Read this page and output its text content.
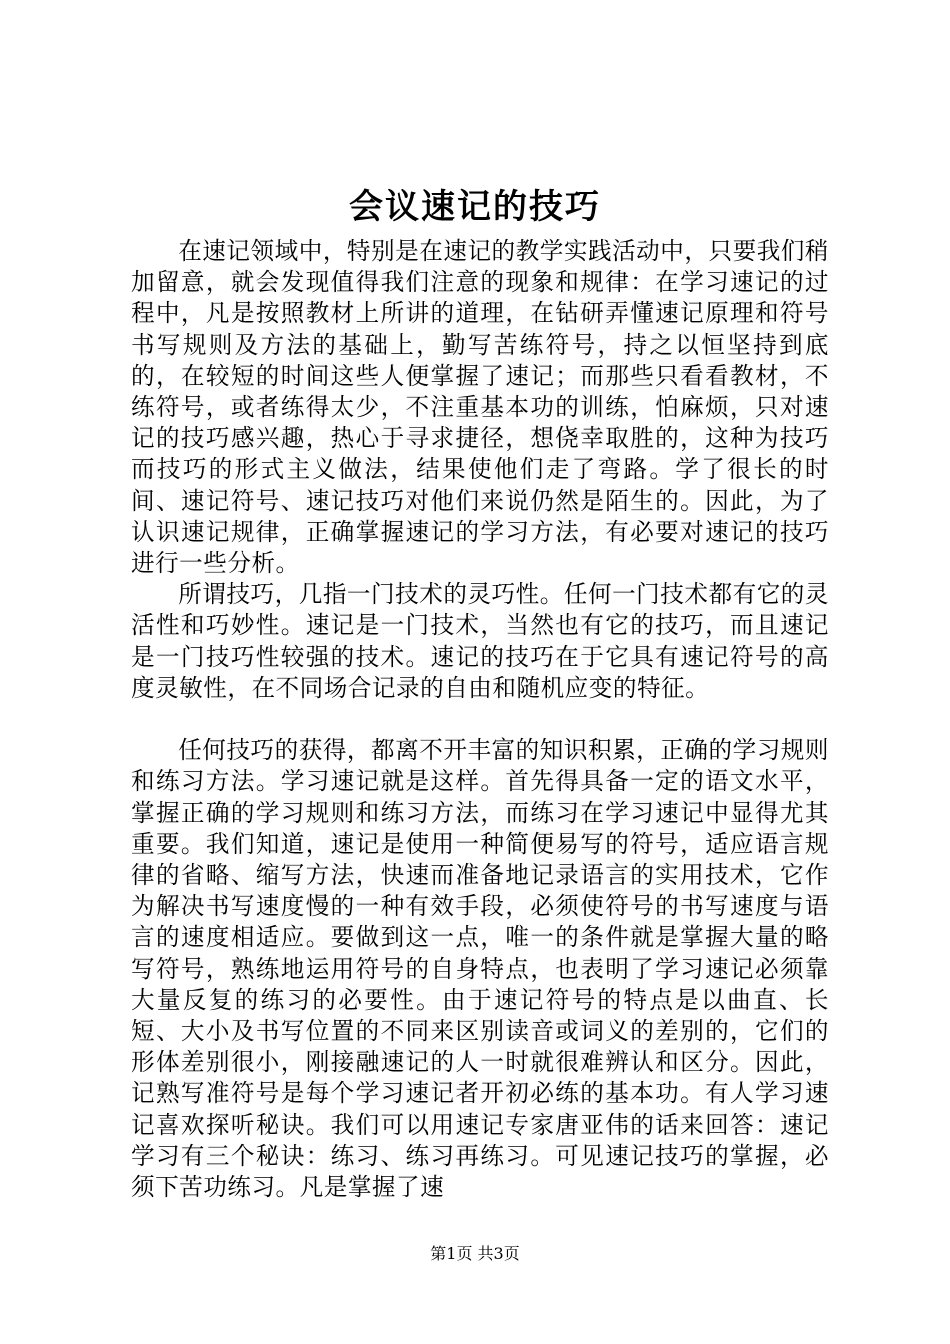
会议速记的技巧

在速记领域中，特别是在速记的教学实践活动中，只要我们稍加留意，就会发现值得我们注意的现象和规律：在学习速记的过程中，凡是按照教材上所讲的道理，在钻研弄懂速记原理和符号书写规则及方法的基础上，勤写苦练符号，持之以恒坚持到底的，在较短的时间这些人便掌握了速记；而那些只看看教材，不练符号，或者练得太少，不注重基本功的训练，怕麻烦，只对速记的技巧感兴趣，热心于寻求捷径，想侥幸取胜的，这种为技巧而技巧的形式主义做法，结果使他们走了弯路。学了很长的时间、速记符号、速记技巧对他们来说仍然是陌生的。因此，为了认识速记规律，正确掌握速记的学习方法，有必要对速记的技巧进行一些分析。

所谓技巧，几指一门技术的灵巧性。任何一门技术都有它的灵活性和巧妙性。速记是一门技术，当然也有它的技巧，而且速记是一门技巧性较强的技术。速记的技巧在于它具有速记符号的高度灵敏性，在不同场合记录的自由和随机应变的特征。

任何技巧的获得，都离不开丰富的知识积累，正确的学习规则和练习方法。学习速记就是这样。首先得具备一定的语文水平，掌握正确的学习规则和练习方法，而练习在学习速记中显得尤其重要。我们知道，速记是使用一种简便易写的符号，适应语言规律的省略、缩写方法，快速而准备地记录语言的实用技术，它作为解决书写速度慢的一种有效手段，必须使符号的书写速度与语言的速度相适应。要做到这一点，唯一的条件就是掌握大量的略写符号，熟练地运用符号的自身特点，也表明了学习速记必须靠大量反复的练习的必要性。由于速记符号的特点是以曲直、长短、大小及书写位置的不同来区别读音或词义的差别的，它们的形体差别很小，刚接融速记的人一时就很难辨认和区分。因此，记熟写准符号是每个学习速记者开初必练的基本功。有人学习速记喜欢探听秘诀。我们可以用速记专家唐亚伟的话来回答：速记学习有三个秘诀：练习、练习再练习。可见速记技巧的掌握，必须下苦功练习。凡是掌握了速

第1页 共3页
